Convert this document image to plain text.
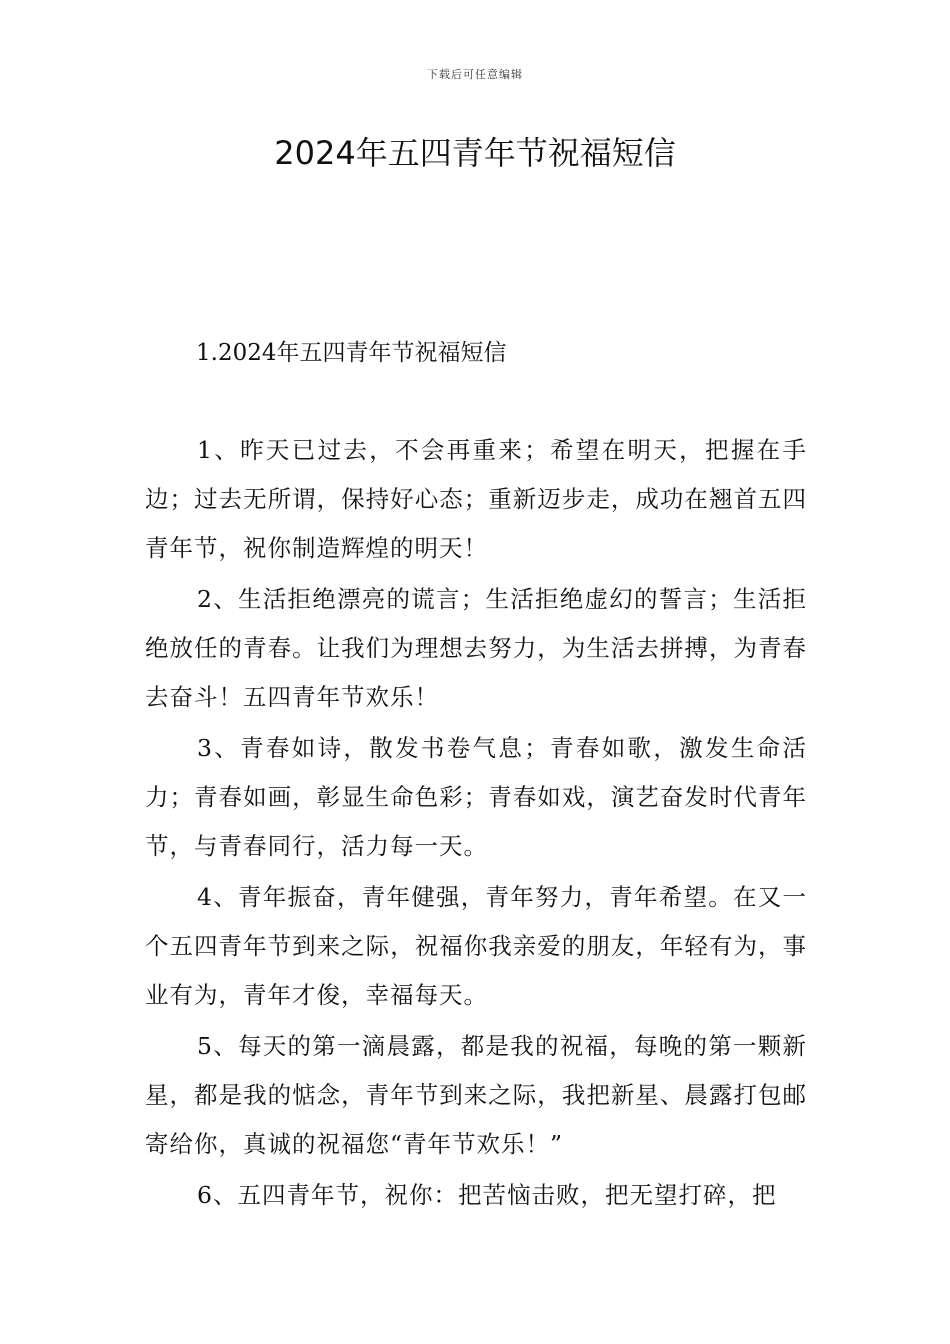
下载后可任意编辑
2024年五四青年节祝福短信
1.2024年五四青年节祝福短信

1、昨天已过去，不会再重来；希望在明天，把握在手边；过去无所谓，保持好心态；重新迈步走，成功在翘首五四青年节，祝你制造辉煌的明天！

2、生活拒绝漂亮的谎言；生活拒绝虚幻的誓言；生活拒绝放任的青春。让我们为理想去努力，为生活去拼搏，为青春去奋斗！五四青年节欢乐！

3、青春如诗，散发书卷气息；青春如歌，激发生命活力；青春如画，彰显生命色彩；青春如戏，演艺奋发时代青年节，与青春同行，活力每一天。

4、青年振奋，青年健强，青年努力，青年希望。在又一个五四青年节到来之际，祝福你我亲爱的朋友，年轻有为，事业有为，青年才俊，幸福每天。

5、每天的第一滴晨露，都是我的祝福，每晚的第一颗新星，都是我的惦念，青年节到来之际，我把新星、晨露打包邮寄给你，真诚的祝福您“青年节欢乐！”

6、五四青年节，祝你：把苦恼击败，把无望打碎，把
